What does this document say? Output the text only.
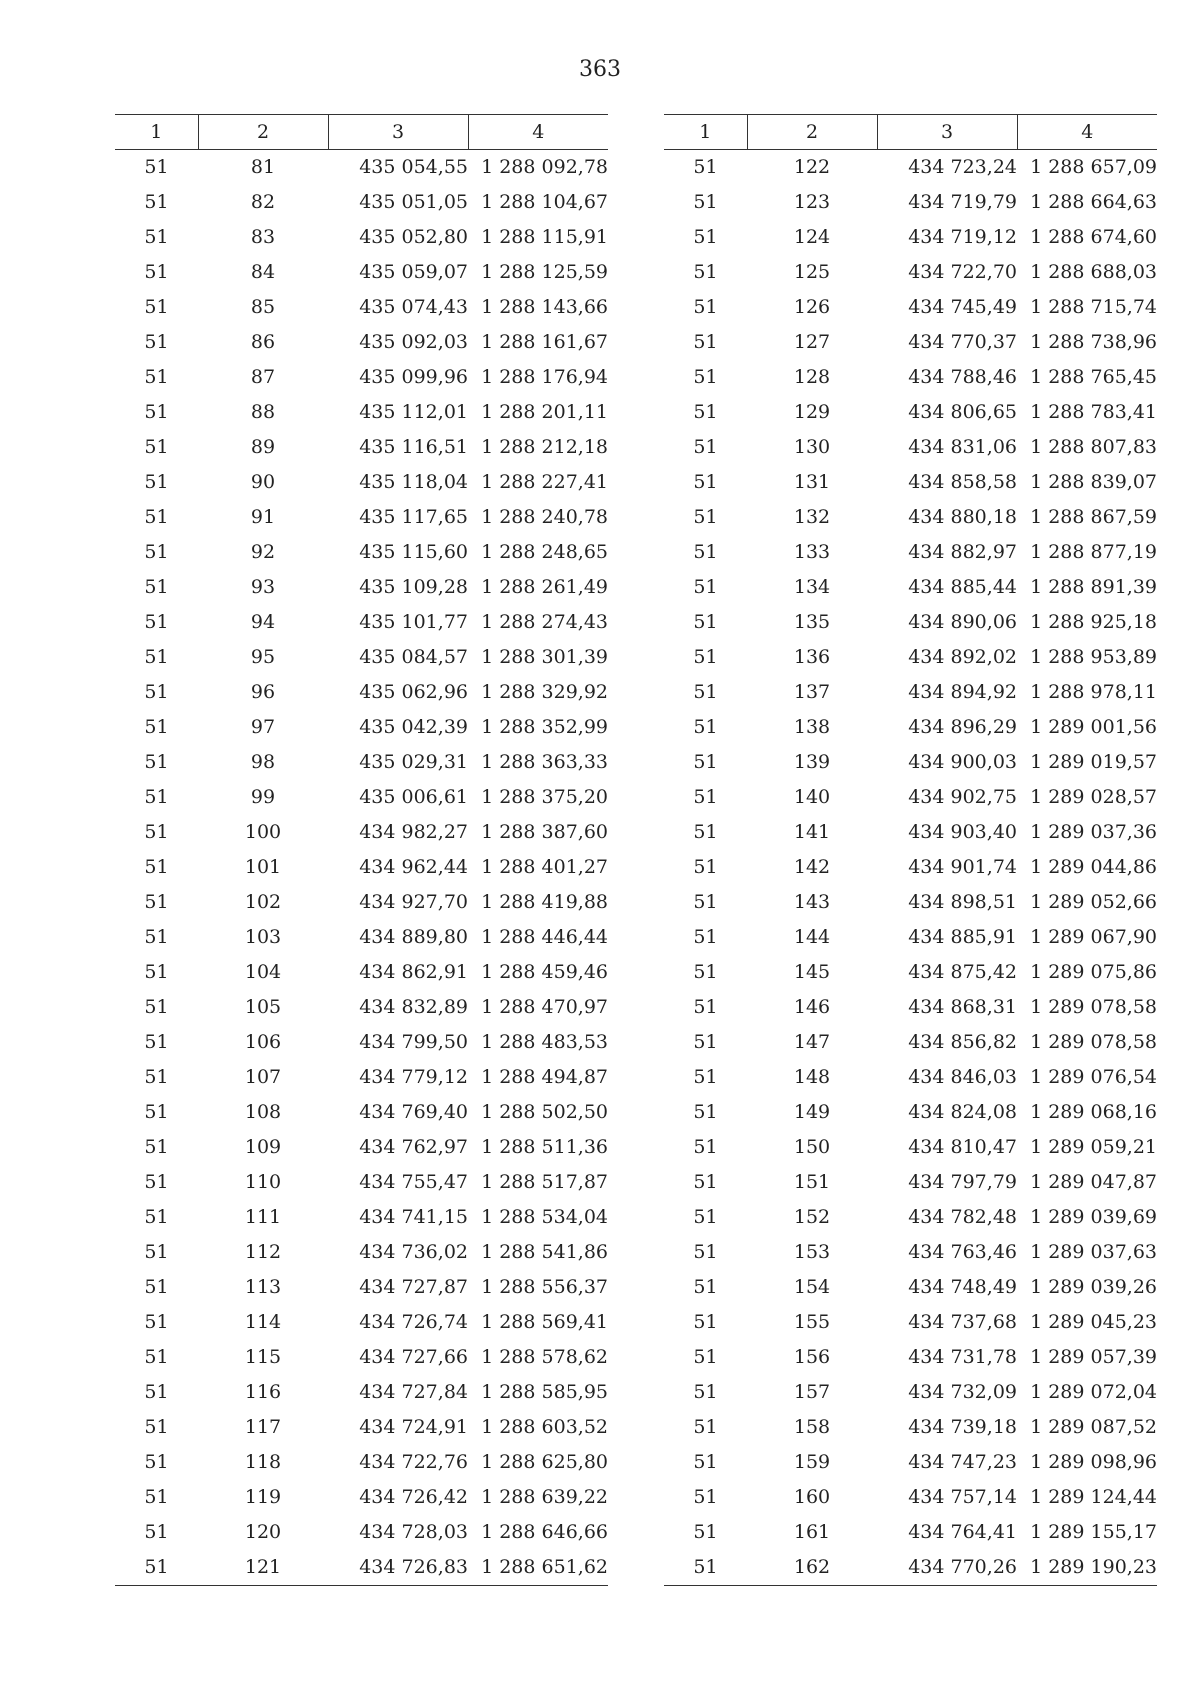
363
1	2	3	4
51	81	435 054,55	1 288 092,78
51	82	435 051,05	1 288 104,67
51	83	435 052,80	1 288 115,91
51	84	435 059,07	1 288 125,59
51	85	435 074,43	1 288 143,66
51	86	435 092,03	1 288 161,67
51	87	435 099,96	1 288 176,94
51	88	435 112,01	1 288 201,11
51	89	435 116,51	1 288 212,18
51	90	435 118,04	1 288 227,41
51	91	435 117,65	1 288 240,78
51	92	435 115,60	1 288 248,65
51	93	435 109,28	1 288 261,49
51	94	435 101,77	1 288 274,43
51	95	435 084,57	1 288 301,39
51	96	435 062,96	1 288 329,92
51	97	435 042,39	1 288 352,99
51	98	435 029,31	1 288 363,33
51	99	435 006,61	1 288 375,20
51	100	434 982,27	1 288 387,60
51	101	434 962,44	1 288 401,27
51	102	434 927,70	1 288 419,88
51	103	434 889,80	1 288 446,44
51	104	434 862,91	1 288 459,46
51	105	434 832,89	1 288 470,97
51	106	434 799,50	1 288 483,53
51	107	434 779,12	1 288 494,87
51	108	434 769,40	1 288 502,50
51	109	434 762,97	1 288 511,36
51	110	434 755,47	1 288 517,87
51	111	434 741,15	1 288 534,04
51	112	434 736,02	1 288 541,86
51	113	434 727,87	1 288 556,37
51	114	434 726,74	1 288 569,41
51	115	434 727,66	1 288 578,62
51	116	434 727,84	1 288 585,95
51	117	434 724,91	1 288 603,52
51	118	434 722,76	1 288 625,80
51	119	434 726,42	1 288 639,22
51	120	434 728,03	1 288 646,66
51	121	434 726,83	1 288 651,62
1	2	3	4
51	122	434 723,24	1 288 657,09
51	123	434 719,79	1 288 664,63
51	124	434 719,12	1 288 674,60
51	125	434 722,70	1 288 688,03
51	126	434 745,49	1 288 715,74
51	127	434 770,37	1 288 738,96
51	128	434 788,46	1 288 765,45
51	129	434 806,65	1 288 783,41
51	130	434 831,06	1 288 807,83
51	131	434 858,58	1 288 839,07
51	132	434 880,18	1 288 867,59
51	133	434 882,97	1 288 877,19
51	134	434 885,44	1 288 891,39
51	135	434 890,06	1 288 925,18
51	136	434 892,02	1 288 953,89
51	137	434 894,92	1 288 978,11
51	138	434 896,29	1 289 001,56
51	139	434 900,03	1 289 019,57
51	140	434 902,75	1 289 028,57
51	141	434 903,40	1 289 037,36
51	142	434 901,74	1 289 044,86
51	143	434 898,51	1 289 052,66
51	144	434 885,91	1 289 067,90
51	145	434 875,42	1 289 075,86
51	146	434 868,31	1 289 078,58
51	147	434 856,82	1 289 078,58
51	148	434 846,03	1 289 076,54
51	149	434 824,08	1 289 068,16
51	150	434 810,47	1 289 059,21
51	151	434 797,79	1 289 047,87
51	152	434 782,48	1 289 039,69
51	153	434 763,46	1 289 037,63
51	154	434 748,49	1 289 039,26
51	155	434 737,68	1 289 045,23
51	156	434 731,78	1 289 057,39
51	157	434 732,09	1 289 072,04
51	158	434 739,18	1 289 087,52
51	159	434 747,23	1 289 098,96
51	160	434 757,14	1 289 124,44
51	161	434 764,41	1 289 155,17
51	162	434 770,26	1 289 190,23
